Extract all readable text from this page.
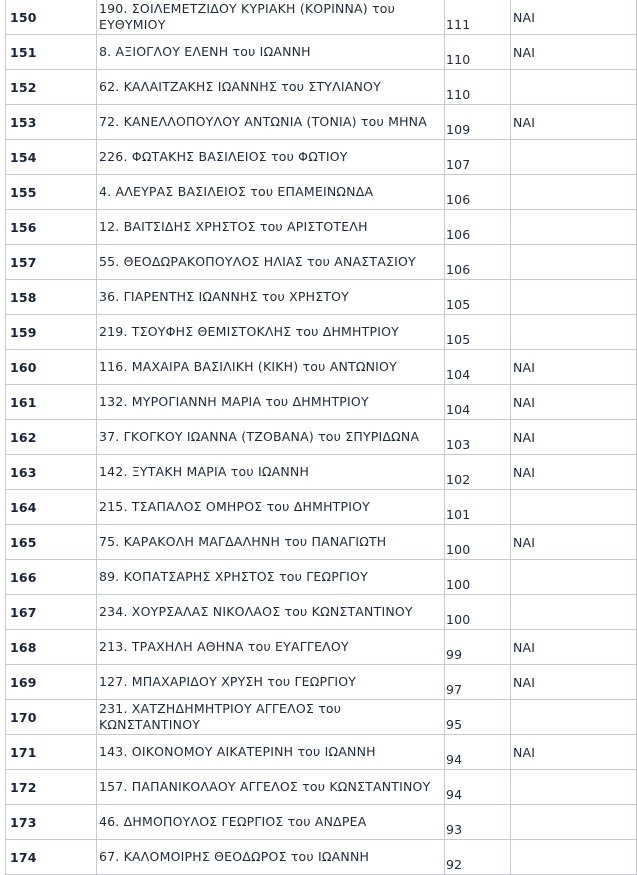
150	190. ΣΟΙΛΕΜΕΤΖΙΔΟΥ ΚΥΡΙΑΚΗ (ΚΟΡΙΝΝΑ) του ΕΥΘΥΜΙΟΥ	111	ΝΑΙ
151	8. ΑΞΙΟΓΛΟΥ ΕΛΕΝΗ του ΙΩΑΝΝΗ	110	ΝΑΙ
152	62. ΚΑΛΑΙΤΖΑΚΗΣ ΙΩΑΝΝΗΣ του ΣΤΥΛΙΑΝΟΥ	110	
153	72. ΚΑΝΕΛΛΟΠΟΥΛΟΥ ΑΝΤΩΝΙΑ (ΤΟΝΙΑ) του ΜΗΝΑ	109	ΝΑΙ
154	226. ΦΩΤΑΚΗΣ ΒΑΣΙΛΕΙΟΣ του ΦΩΤΙΟΥ	107	
155	4. ΑΛΕΥΡΑΣ ΒΑΣΙΛΕΙΟΣ του ΕΠΑΜΕΙΝΩΝΔΑ	106	
156	12. ΒΑΙΤΣΙΔΗΣ ΧΡΗΣΤΟΣ του ΑΡΙΣΤΟΤΕΛΗ	106	
157	55. ΘΕΟΔΩΡΑΚΟΠΟΥΛΟΣ ΗΛΙΑΣ του ΑΝΑΣΤΑΣΙΟΥ	106	
158	36. ΓΙΑΡΕΝΤΗΣ ΙΩΑΝΝΗΣ του ΧΡΗΣΤΟΥ	105	
159	219. ΤΣΟΥΦΗΣ ΘΕΜΙΣΤΟΚΛΗΣ του ΔΗΜΗΤΡΙΟΥ	105	
160	116. ΜΑΧΑΙΡΑ ΒΑΣΙΛΙΚΗ (ΚΙΚΗ) του ΑΝΤΩΝΙΟΥ	104	ΝΑΙ
161	132. ΜΥΡΟΓΙΑΝΝΗ ΜΑΡΙΑ του ΔΗΜΗΤΡΙΟΥ	104	ΝΑΙ
162	37. ΓΚΟΓΚΟΥ ΙΩΑΝΝΑ (ΤΖΟΒΑΝΑ) του ΣΠΥΡΙΔΩΝΑ	103	ΝΑΙ
163	142. ΞΥΤΑΚΗ ΜΑΡΙΑ του ΙΩΑΝΝΗ	102	ΝΑΙ
164	215. ΤΣΑΠΑΛΟΣ ΟΜΗΡΟΣ του ΔΗΜΗΤΡΙΟΥ	101	
165	75. ΚΑΡΑΚΟΛΗ ΜΑΓΔΑΛΗΝΗ του ΠΑΝΑΓΙΩΤΗ	100	ΝΑΙ
166	89. ΚΟΠΑΤΣΑΡΗΣ ΧΡΗΣΤΟΣ του ΓΕΩΡΓΙΟΥ	100	
167	234. ΧΟΥΡΣΑΛΑΣ ΝΙΚΟΛΑΟΣ του ΚΩΝΣΤΑΝΤΙΝΟΥ	100	
168	213. ΤΡΑΧΗΛΗ ΑΘΗΝΑ του ΕΥΑΓΓΕΛΟΥ	99	ΝΑΙ
169	127. ΜΠΑΧΑΡΙΔΟΥ ΧΡΥΣΗ του ΓΕΩΡΓΙΟΥ	97	ΝΑΙ
170	231. ΧΑΤΖΗΔΗΜΗΤΡΙΟΥ ΑΓΓΕΛΟΣ του ΚΩΝΣΤΑΝΤΙΝΟΥ	95	
171	143. ΟΙΚΟΝΟΜΟΥ ΑΙΚΑΤΕΡΙΝΗ του ΙΩΑΝΝΗ	94	ΝΑΙ
172	157. ΠΑΠΑΝΙΚΟΛΑΟΥ ΑΓΓΕΛΟΣ του ΚΩΝΣΤΑΝΤΙΝΟΥ	94	
173	46. ΔΗΜΟΠΟΥΛΟΣ ΓΕΩΡΓΙΟΣ του ΑΝΔΡΕΑ	93	
174	67. ΚΑΛΟΜΟΙΡΗΣ ΘΕΟΔΩΡΟΣ του ΙΩΑΝΝΗ	92	
